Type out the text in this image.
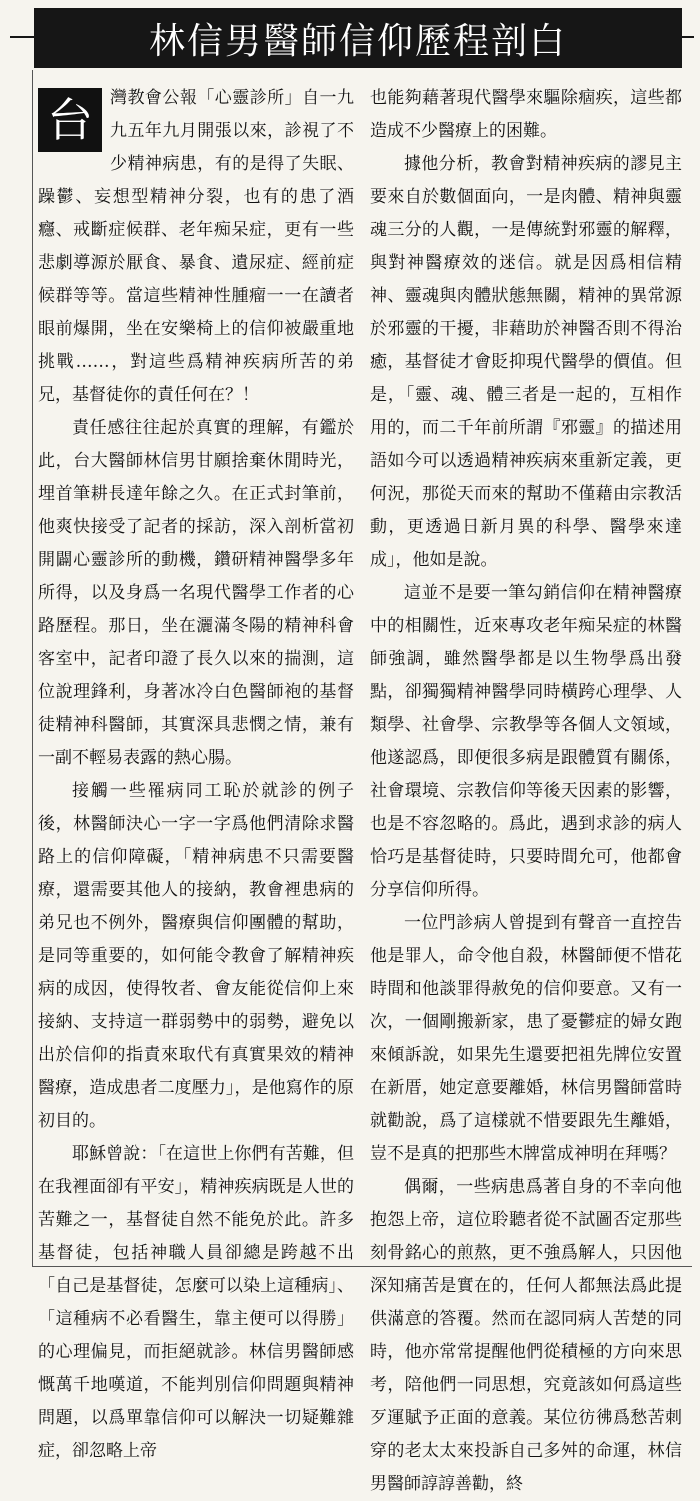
林信男醫師信仰歷程剖白

台	灣教會公報「心靈診所」自一九九五年九月開張以來，診視了不少精神病患，有的是得了失眠、躁鬱、妄想型精神分裂，也有的患了酒癮、戒斷症候群、老年痴呆症，更有一些悲劇導源於厭食、暴食、遺尿症、經前症候群等等。當這些精神性腫瘤一一在讀者眼前爆開，坐在安樂椅上的信仰被嚴重地挑戰……，對這些爲精神疾病所苦的弟兄，基督徒你的責任何在？！

責任感往往起於真實的理解，有鑑於此，台大醫師林信男甘願捨棄休閒時光，埋首筆耕長達年餘之久。在正式封筆前，他爽快接受了記者的採訪，深入剖析當初開闢心靈診所的動機，鑽研精神醫學多年所得，以及身爲一名現代醫學工作者的心路歷程。那日，坐在灑滿冬陽的精神科會客室中，記者印證了長久以來的揣測，這位說理鋒利，身著冰冷白色醫師袍的基督徒精神科醫師，其實深具悲憫之情，兼有一副不輕易表露的熱心腸。

接觸一些罹病同工恥於就診的例子後，林醫師決心一字一字爲他們清除求醫路上的信仰障礙，「精神病患不只需要醫療，還需要其他人的接納，教會裡患病的弟兄也不例外，醫療與信仰團體的幫助，是同等重要的，如何能令教會了解精神疾病的成因，使得牧者、會友能從信仰上來接納、支持這一群弱勢中的弱勢，避免以出於信仰的指責來取代有真實果效的精神醫療，造成患者二度壓力」，是他寫作的原初目的。

耶穌曾說：「在這世上你們有苦難，但在我裡面卻有平安」，精神疾病既是人世的苦難之一，基督徒自然不能免於此。許多基督徒，包括神職人員卻總是跨越不出「自己是基督徒，怎麼可以染上這種病」、「這種病不必看醫生，靠主便可以得勝」的心理偏見，而拒絕就診。林信男醫師感慨萬千地嘆道，不能判別信仰問題與精神問題，以爲單靠信仰可以解決一切疑難雜症，卻忽略上帝

也能夠藉著現代醫學來驅除痼疾，這些都造成不少醫療上的困難。

據他分析，教會對精神疾病的謬見主要來自於數個面向，一是肉體、精神與靈魂三分的人觀，一是傳統對邪靈的解釋，與對神醫療效的迷信。就是因爲相信精神、靈魂與肉體狀態無關，精神的異常源於邪靈的干擾，非藉助於神醫否則不得治癒，基督徒才會貶抑現代醫學的價值。但是，「靈、魂、體三者是一起的，互相作用的，而二千年前所謂『邪靈』的描述用語如今可以透過精神疾病來重新定義，更何況，那從天而來的幫助不僅藉由宗教活動，更透過日新月異的科學、醫學來達成」，他如是說。

這並不是要一筆勾銷信仰在精神醫療中的相關性，近來專攻老年痴呆症的林醫師強調，雖然醫學都是以生物學爲出發點，卻獨獨精神醫學同時橫跨心理學、人類學、社會學、宗教學等各個人文領域，他遂認爲，即便很多病是跟體質有關係，社會環境、宗教信仰等後天因素的影響，也是不容忽略的。爲此，遇到求診的病人恰巧是基督徒時，只要時間允可，他都會分享信仰所得。

一位門診病人曾提到有聲音一直控告他是罪人，命令他自殺，林醫師便不惜花時間和他談罪得赦免的信仰要意。又有一次，一個剛搬新家，患了憂鬱症的婦女跑來傾訴說，如果先生還要把祖先牌位安置在新厝，她定意要離婚，林信男醫師當時就勸說，爲了這樣就不惜要跟先生離婚，豈不是真的把那些木牌當成神明在拜嗎？

偶爾，一些病患爲著自身的不幸向他抱怨上帝，這位聆聽者從不試圖否定那些刻骨銘心的煎熬，更不強爲解人，只因他深知痛苦是實在的，任何人都無法爲此提供滿意的答覆。然而在認同病人苦楚的同時，他亦常常提醒他們從積極的方向來思考，陪他們一同思想，究竟該如何爲這些歹運賦予正面的意義。某位彷彿爲愁苦刺穿的老太太來投訴自己多舛的命運，林信男醫師諄諄善勸，終
